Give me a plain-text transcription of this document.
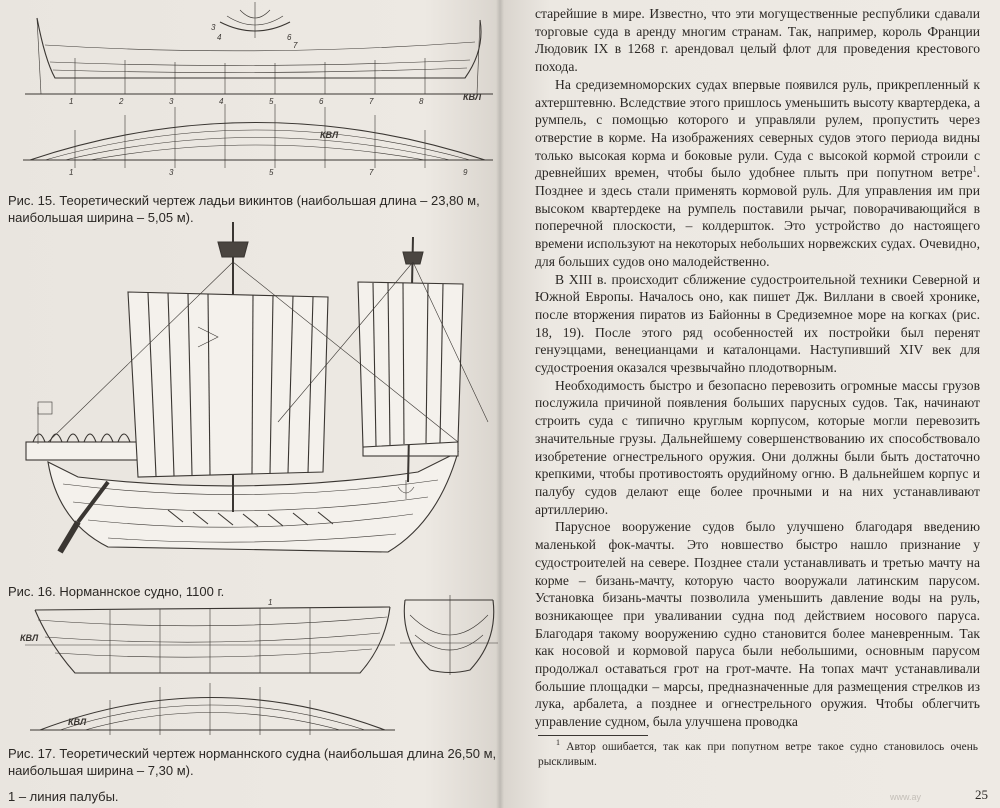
3
4	6
7
1	2	3	4	5	6	7	8	КВЛ
КВЛ
1	3	5	7	9
Рис. 15. Теоретический чертеж ладьи викинтов (наибольшая длина – 23,80 м, наибольшая ширина – 5,05 м).
Рис. 16. Норманнское судно, 1100 г.
КВЛ
1
КВЛ
Рис. 17. Теоретический чертеж норманнского судна (наибольшая длина 26,50 м, наибольшая ширина – 7,30 м).
1 – линия палубы.

старейшие в мире. Известно, что эти могущественные республики сдавали торговые суда в аренду многим странам. Так, например, король Франции Людовик IX в 1268 г. арендовал целый флот для проведения крестового похода.

На средиземноморских судах впервые появился руль, прикрепленный к ахтерштевню. Вследствие этого пришлось уменьшить высоту квартердека, а румпель, с помощью которого и управляли рулем, пропустить через отверстие в корме. На изображениях северных судов этого периода видны только высокая корма и боковые рули. Суда с высокой кормой строили с древнейших времен, чтобы было удобнее плыть при попутном ветре$^1$. Позднее и здесь стали применять кормовой руль. Для управления им при высоком квартердеке на румпель поставили рычаг, поворачивающийся в поперечной плоскости, – колдершток. Это устройство до настоящего времени используют на некоторых небольших норвежских судах. Очевидно, для больших судов оно малодейственно.

В XIII в. происходит сближение судостроительной техники Северной и Южной Европы. Началось оно, как пишет Дж. Виллани в своей хронике, после вторжения пиратов из Байонны в Средиземное море на когках (рис. 18, 19). После этого ряд особенностей их постройки был перенят генуэццами, венецианцами и каталонцами. Наступивший XIV век для судостроения оказался чрезвычайно плодотворным.

Необходимость быстро и безопасно перевозить огромные массы грузов послужила причиной появления больших парусных судов. Так, начинают строить суда с типично круглым корпусом, которые могли перевозить значительные грузы. Дальнейшему совершенствованию их способствовало изобретение огнестрельного оружия. Они должны были быть достаточно крепкими, чтобы противостоять орудийному огню. В дальнейшем корпус и палубу судов делают еще более прочными и на них устанавливают артиллерию.

Парусное вооружение судов было улучшено благодаря введению маленькой фок-мачты. Это новшество быстро нашло признание у судостроителей на севере. Позднее стали устанавливать и третью мачту на корме – бизань-мачту, которую часто вооружали латинским парусом. Установка бизань-мачты позволила уменьшить давление воды на руль, возникающее при уваливании судна под действием носового паруса. Благодаря такому вооружению судно становится более маневренным. Так как носовой и кормовой паруса были небольшими, основным парусом продолжал оставаться грот на грот-мачте. На топах мачт устанавливали большие площадки – марсы, предназначенные для размещения стрелков из лука, арбалета, а позднее и огнестрельного оружия. Чтобы облегчить управление судном, была улучшена проводка

$^1$ Автор ошибается, так как при попутном ветре такое судно становилось очень рыскливым.
www.ay	25
